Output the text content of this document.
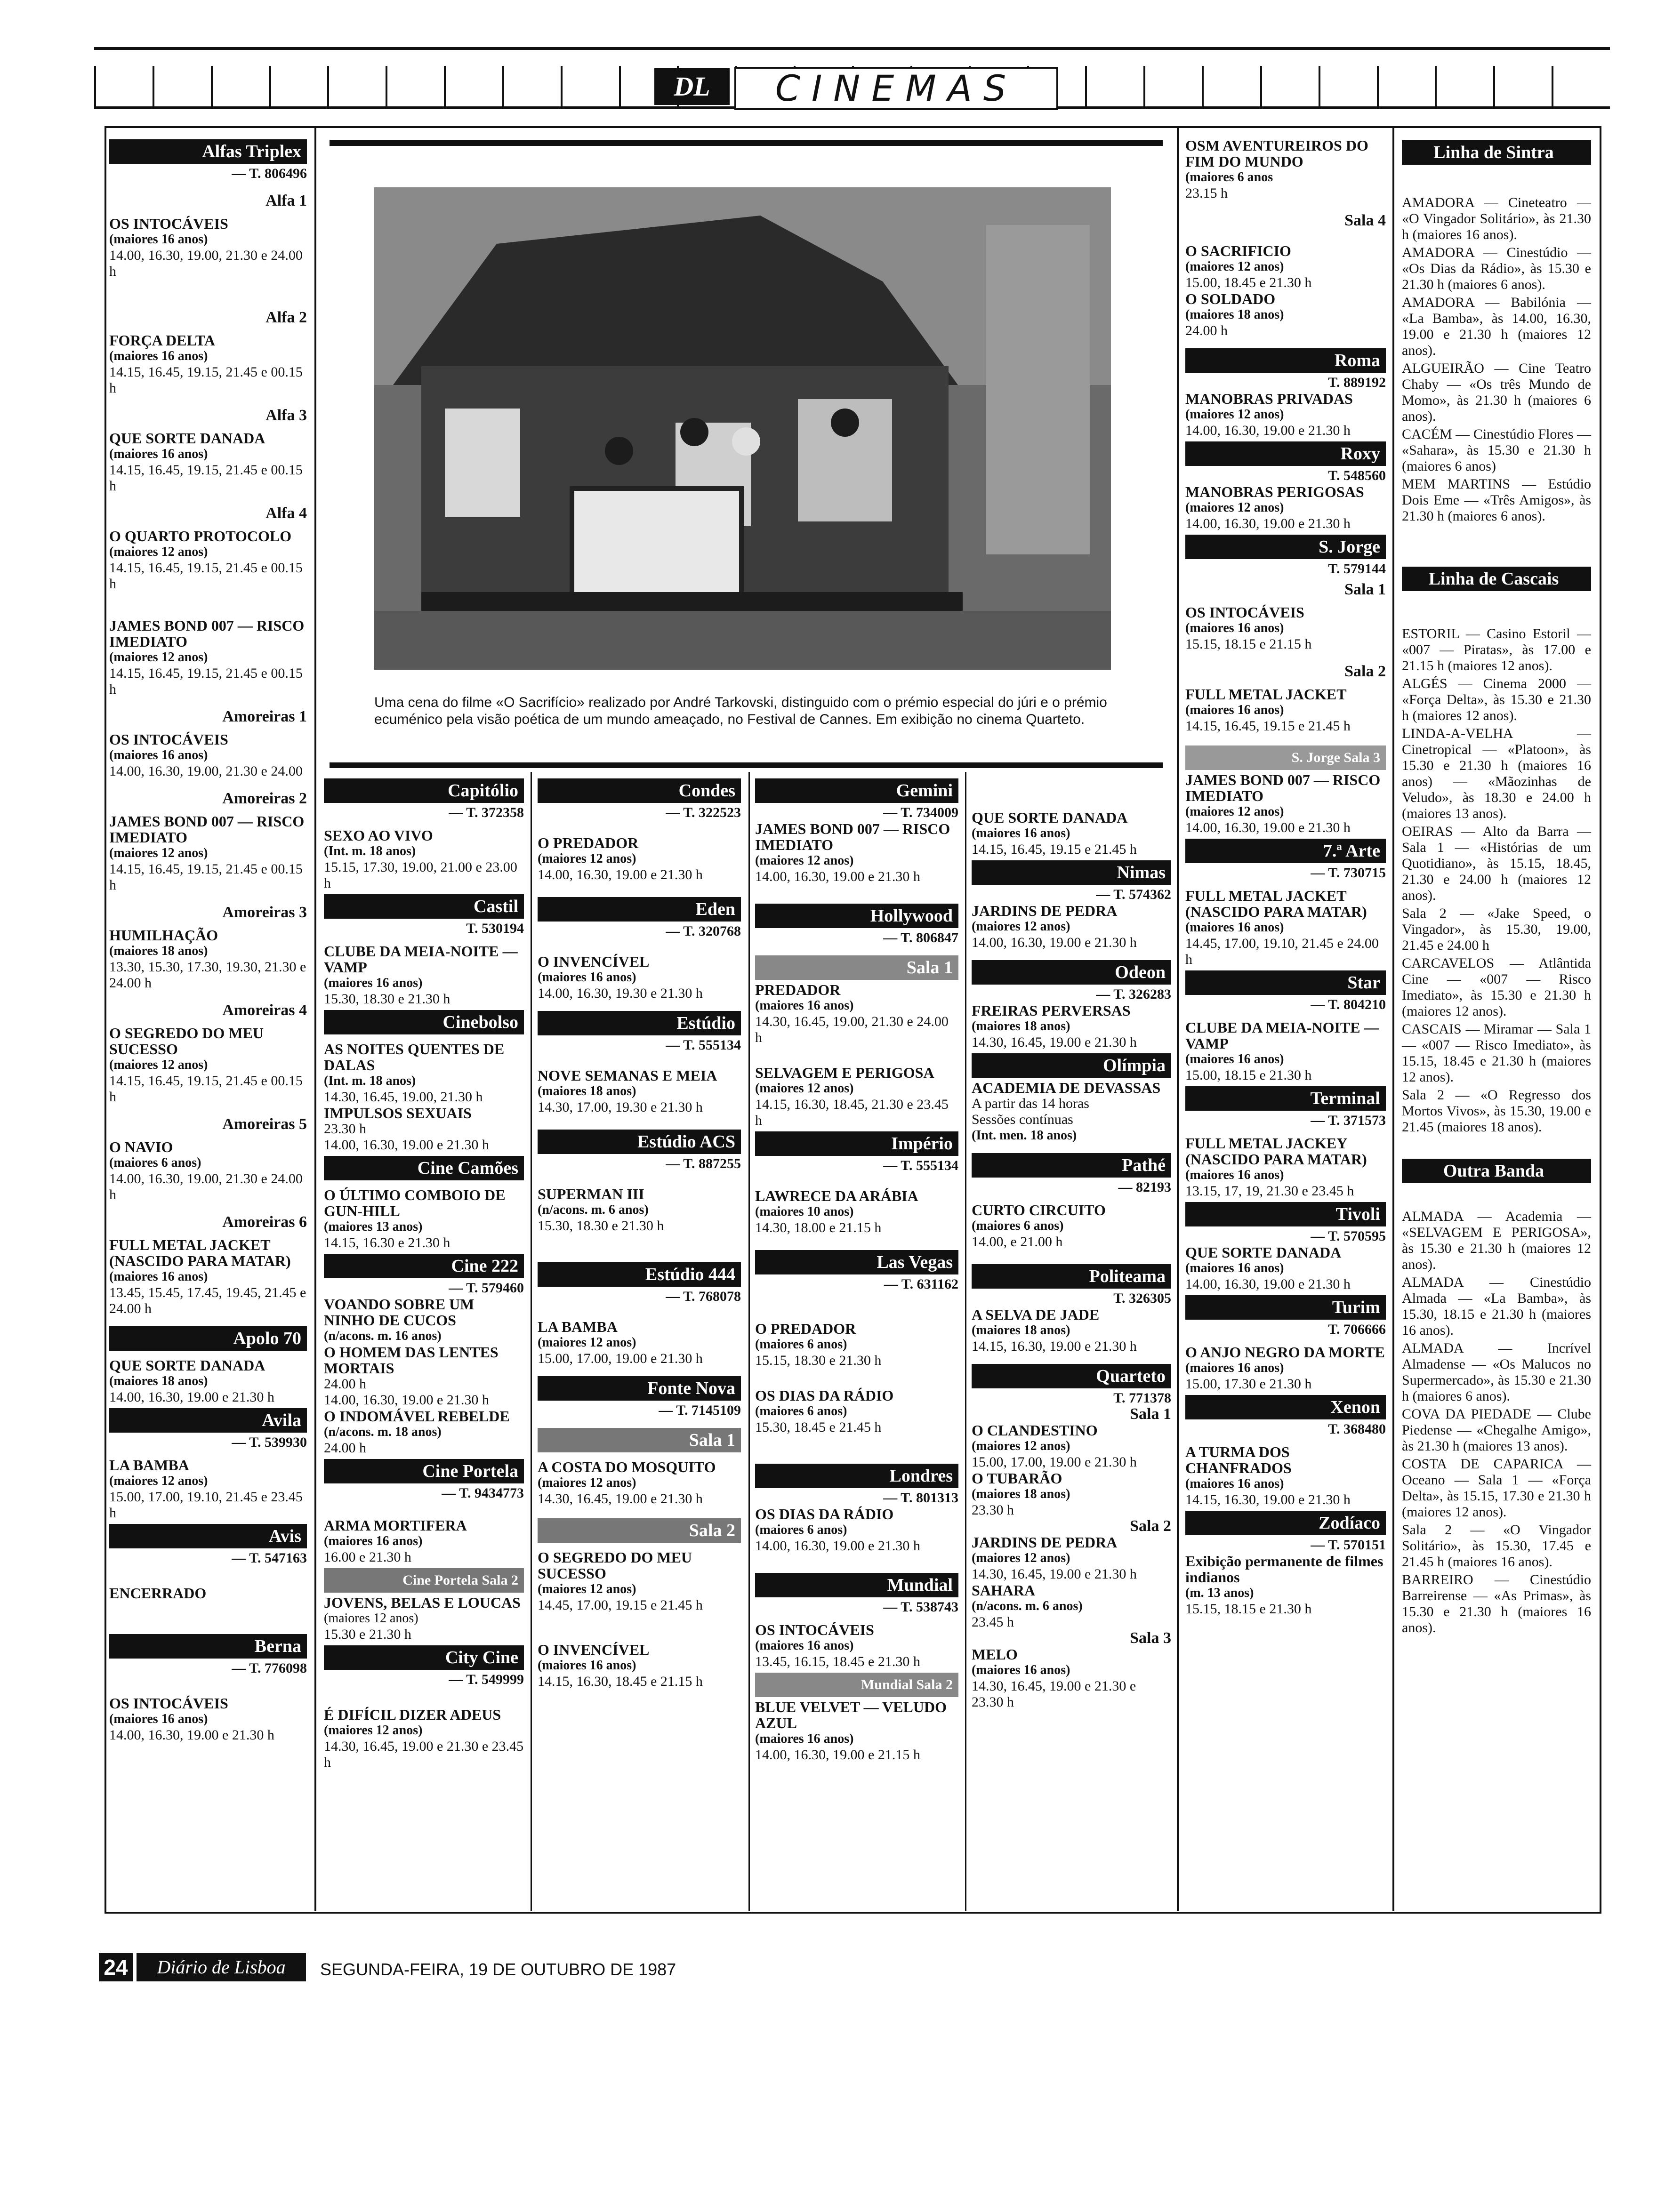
DL	CINEMAS
Uma cena do filme «O Sacrifício» realizado por André Tarkovski, distinguido com o prémio especial do júri e o prémio ecuménico pela visão poética de um mundo ameaçado, no Festival de Cannes. Em exibição no cinema Quarteto.
Alfas Triplex
— T. 806496
Alfa 1
OS INTOCÁVEIS
(maiores 16 anos)
14.00, 16.30, 19.00, 21.30 e 24.00 h
Alfa 2
FORÇA DELTA
(maiores 16 anos)
14.15, 16.45, 19.15, 21.45 e 00.15 h
Alfa 3
QUE SORTE DANADA
(maiores 16 anos)
14.15, 16.45, 19.15, 21.45 e 00.15 h
Alfa 4
O QUARTO PROTOCOLO
(maiores 12 anos)
14.15, 16.45, 19.15, 21.45 e 00.15 h
JAMES BOND 007 — RISCO IMEDIATO
(maiores 12 anos)
14.15, 16.45, 19.15, 21.45 e 00.15 h
Amoreiras 1
OS INTOCÁVEIS
(maiores 16 anos)
14.00, 16.30, 19.00, 21.30 e 24.00
Amoreiras 2
JAMES BOND 007 — RISCO IMEDIATO
(maiores 12 anos)
14.15, 16.45, 19.15, 21.45 e 00.15 h
Amoreiras 3
HUMILHAÇÃO
(maiores 18 anos)
13.30, 15.30, 17.30, 19.30, 21.30 e 24.00 h
Amoreiras 4
O SEGREDO DO MEU SUCESSO
(maiores 12 anos)
14.15, 16.45, 19.15, 21.45 e 00.15 h
Amoreiras 5
O NAVIO
(maiores 6 anos)
14.00, 16.30, 19.00, 21.30 e 24.00 h
Amoreiras 6
FULL METAL JACKET (NASCIDO PARA MATAR)
(maiores 16 anos)
13.45, 15.45, 17.45, 19.45, 21.45 e 24.00 h
Apolo 70
QUE SORTE DANADA
(maiores 18 anos)
14.00, 16.30, 19.00 e 21.30 h
Avila
— T. 539930
LA BAMBA
(maiores 12 anos)
15.00, 17.00, 19.10, 21.45 e 23.45 h
Avis
— T. 547163
ENCERRADO
Berna
— T. 776098
OS INTOCÁVEIS
(maiores 16 anos)
14.00, 16.30, 19.00 e 21.30 h
Capitólio
— T. 372358
SEXO AO VIVO
(Int. m. 18 anos)
15.15, 17.30, 19.00, 21.00 e 23.00 h
Castil
T. 530194
CLUBE DA MEIA-NOITE — VAMP
(maiores 16 anos)
15.30, 18.30 e 21.30 h
Cinebolso
AS NOITES QUENTES DE DALAS
(Int. m. 18 anos)
14.30, 16.45, 19.00, 21.30 h
IMPULSOS SEXUAIS
23.30 h
14.00, 16.30, 19.00 e 21.30 h
Cine Camões
O ÚLTIMO COMBOIO DE GUN-HILL
(maiores 13 anos)
14.15, 16.30 e 21.30 h
Cine 222
— T. 579460
VOANDO SOBRE UM NINHO DE CUCOS
(n/acons. m. 16 anos)
O HOMEM DAS LENTES MORTAIS
24.00 h
14.00, 16.30, 19.00 e 21.30 h
O INDOMÁVEL REBELDE
(n/acons. m. 18 anos)
24.00 h
Cine Portela
— T. 9434773
ARMA MORTIFERA
(maiores 16 anos)
16.00 e 21.30 h
Cine Portela Sala 2
JOVENS, BELAS E LOUCAS
(maiores 12 anos)
15.30 e 21.30 h
City Cine
— T. 549999
É DIFÍCIL DIZER ADEUS
(maiores 12 anos)
14.30, 16.45, 19.00 e 21.30 e 23.45 h
Condes
— T. 322523
O PREDADOR
(maiores 12 anos)
14.00, 16.30, 19.00 e 21.30 h
Eden
— T. 320768
O INVENCÍVEL
(maiores 16 anos)
14.00, 16.30, 19.30 e 21.30 h
Estúdio
— T. 555134
NOVE SEMANAS E MEIA
(maiores 18 anos)
14.30, 17.00, 19.30 e 21.30 h
Estúdio ACS
— T. 887255
SUPERMAN III
(n/acons. m. 6 anos)
15.30, 18.30 e 21.30 h
Estúdio 444
— T. 768078
LA BAMBA
(maiores 12 anos)
15.00, 17.00, 19.00 e 21.30 h
Fonte Nova
— T. 7145109
Sala 1
A COSTA DO MOSQUITO
(maiores 12 anos)
14.30, 16.45, 19.00 e 21.30 h
Sala 2
O SEGREDO DO MEU SUCESSO
(maiores 12 anos)
14.45, 17.00, 19.15 e 21.45 h
O INVENCÍVEL
(maiores 16 anos)
14.15, 16.30, 18.45 e 21.15 h
Gemini
— T. 734009
JAMES BOND 007 — RISCO IMEDIATO
(maiores 12 anos)
14.00, 16.30, 19.00 e 21.30 h
Hollywood
— T. 806847
Sala 1
PREDADOR
(maiores 16 anos)
14.30, 16.45, 19.00, 21.30 e 24.00 h
SELVAGEM E PERIGOSA
(maiores 12 anos)
14.15, 16.30, 18.45, 21.30 e 23.45 h
Império
— T. 555134
LAWRECE DA ARÁBIA
(maiores 10 anos)
14.30, 18.00 e 21.15 h
Las Vegas
— T. 631162
O PREDADOR
(maiores 6 anos)
15.15, 18.30 e 21.30 h
OS DIAS DA RÁDIO
(maiores 6 anos)
15.30, 18.45 e 21.45 h
Londres
— T. 801313
OS DIAS DA RÁDIO
(maiores 6 anos)
14.00, 16.30, 19.00 e 21.30 h
Mundial
— T. 538743
OS INTOCÁVEIS
(maiores 16 anos)
13.45, 16.15, 18.45 e 21.30 h
Mundial Sala 2
BLUE VELVET — VELUDO AZUL
(maiores 16 anos)
14.00, 16.30, 19.00 e 21.15 h
QUE SORTE DANADA
(maiores 16 anos)
14.15, 16.45, 19.15 e 21.45 h
Nimas
— T. 574362
JARDINS DE PEDRA
(maiores 12 anos)
14.00, 16.30, 19.00 e 21.30 h
Odeon
— T. 326283
FREIRAS PERVERSAS
(maiores 18 anos)
14.30, 16.45, 19.00 e 21.30 h
Olímpia
ACADEMIA DE DEVASSAS
A partir das 14 horas
Sessões contínuas
(Int. men. 18 anos)
Pathé
— 82193
CURTO CIRCUITO
(maiores 6 anos)
14.00, e 21.00 h
Politeama
T. 326305
A SELVA DE JADE
(maiores 18 anos)
14.15, 16.30, 19.00 e 21.30 h
Quarteto
T. 771378
Sala 1
O CLANDESTINO
(maiores 12 anos)
15.00, 17.00, 19.00 e 21.30 h
O TUBARÃO
(maiores 18 anos)
23.30 h
Sala 2
JARDINS DE PEDRA
(maiores 12 anos)
14.30, 16.45, 19.00 e 21.30 h
SAHARA
(n/acons. m. 6 anos)
23.45 h
Sala 3
MELO
(maiores 16 anos)
14.30, 16.45, 19.00 e 21.30 e 23.30 h
OSM AVENTUREIROS DO FIM DO MUNDO
(maiores 6 anos
23.15 h
Sala 4
O SACRIFICIO
(maiores 12 anos)
15.00, 18.45 e 21.30 h
O SOLDADO
(maiores 18 anos)
24.00 h
Roma
T. 889192
MANOBRAS PRIVADAS
(maiores 12 anos)
14.00, 16.30, 19.00 e 21.30 h
Roxy
T. 548560
MANOBRAS PERIGOSAS
(maiores 12 anos)
14.00, 16.30, 19.00 e 21.30 h
S. Jorge
T. 579144
Sala 1
OS INTOCÁVEIS
(maiores 16 anos)
15.15, 18.15 e 21.15 h
Sala 2
FULL METAL JACKET
(maiores 16 anos)
14.15, 16.45, 19.15 e 21.45 h
S. Jorge Sala 3
JAMES BOND 007 — RISCO IMEDIATO
(maiores 12 anos)
14.00, 16.30, 19.00 e 21.30 h
7.ª Arte
— T. 730715
FULL METAL JACKET (NASCIDO PARA MATAR)
(maiores 16 anos)
14.45, 17.00, 19.10, 21.45 e 24.00 h
Star
— T. 804210
CLUBE DA MEIA-NOITE — VAMP
(maiores 16 anos)
15.00, 18.15 e 21.30 h
Terminal
— T. 371573
FULL METAL JACKEY (NASCIDO PARA MATAR)
(maiores 16 anos)
13.15, 17, 19, 21.30 e 23.45 h
Tivoli
— T. 570595
QUE SORTE DANADA
(maiores 16 anos)
14.00, 16.30, 19.00 e 21.30 h
Turim
T. 706666
O ANJO NEGRO DA MORTE
(maiores 16 anos)
15.00, 17.30 e 21.30 h
Xenon
T. 368480
A TURMA DOS CHANFRADOS
(maiores 16 anos)
14.15, 16.30, 19.00 e 21.30 h
Zodíaco
— T. 570151
Exibição permanente de filmes indianos
(m. 13 anos)
15.15, 18.15 e 21.30 h
Linha de Sintra

AMADORA — Cineteatro — «O Vingador Solitário», às 21.30 h (maiores 16 anos).

AMADORA — Cinestúdio — «Os Dias da Rádio», às 15.30 e 21.30 h (maiores 6 anos).

AMADORA — Babilónia — «La Bamba», às 14.00, 16.30, 19.00 e 21.30 h (maiores 12 anos).

ALGUEIRÃO — Cine Teatro Chaby — «Os três Mundo de Momo», às 21.30 h (maiores 6 anos).

CACÉM — Cinestúdio Flores — «Sahara», às 15.30 e 21.30 h (maiores 6 anos)

MEM MARTINS — Estúdio Dois Eme — «Três Amigos», às 21.30 h (maiores 6 anos).

Linha de Cascais

ESTORIL — Casino Estoril — «007 — Piratas», às 17.00 e 21.15 h (maiores 12 anos).

ALGÉS — Cinema 2000 — «Força Delta», às 15.30 e 21.30 h (maiores 12 anos).

LINDA-A-VELHA — Cinetropical — «Platoon», às 15.30 e 21.30 h (maiores 16 anos) — «Mãozinhas de Veludo», às 18.30 e 24.00 h (maiores 13 anos).

OEIRAS — Alto da Barra — Sala 1 — «Histórias de um Quotidiano», às 15.15, 18.45, 21.30 e 24.00 h (maiores 12 anos).

Sala 2 — «Jake Speed, o Vingador», às 15.30, 19.00, 21.45 e 24.00 h

CARCAVELOS — Atlântida Cine — «007 — Risco Imediato», às 15.30 e 21.30 h (maiores 12 anos).

CASCAIS — Miramar — Sala 1 — «007 — Risco Imediato», às 15.15, 18.45 e 21.30 h (maiores 12 anos).

Sala 2 — «O Regresso dos Mortos Vivos», às 15.30, 19.00 e 21.45 (maiores 18 anos).

Outra Banda

ALMADA — Academia — «SELVAGEM E PERIGOSA», às 15.30 e 21.30 h (maiores 12 anos).

ALMADA — Cinestúdio Almada — «La Bamba», às 15.30, 18.15 e 21.30 h (maiores 16 anos).

ALMADA — Incrível Almadense — «Os Malucos no Supermercado», às 15.30 e 21.30 h (maiores 6 anos).

COVA DA PIEDADE — Clube Piedense — «Chegalhe Amigo», às 21.30 h (maiores 13 anos).

COSTA DE CAPARICA — Oceano — Sala 1 — «Força Delta», às 15.15, 17.30 e 21.30 h (maiores 12 anos).

Sala 2 — «O Vingador Solitário», às 15.30, 17.45 e 21.45 h (maiores 16 anos).

BARREIRO — Cinestúdio Barreirense — «As Primas», às 15.30 e 21.30 h (maiores 16 anos).

24	Diário de Lisboa	SEGUNDA-FEIRA, 19 DE OUTUBRO DE 1987
